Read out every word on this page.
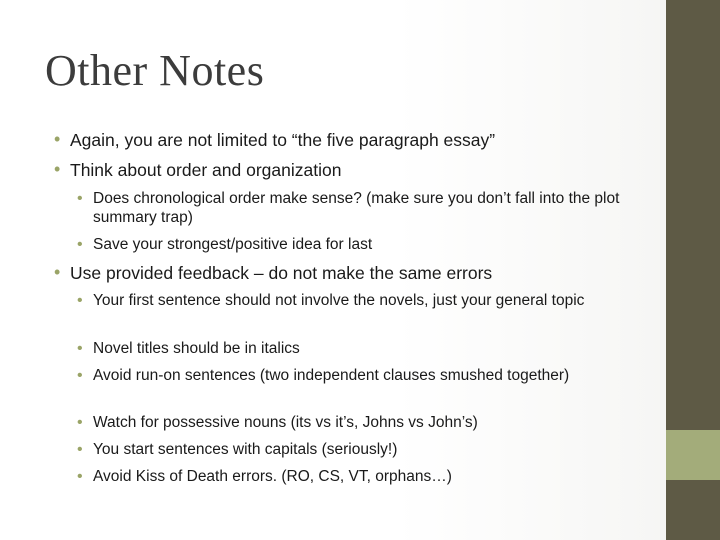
Other Notes

• Again, you are not limited to “the five paragraph essay”

• Think about order and organization

• Does chronological order make sense? (make sure you don’t fall into the plot summary trap)

• Save your strongest/positive idea for last

• Use provided feedback – do not make the same errors

• Your first sentence should not involve the novels, just your general topic

• Novel titles should be in italics

• Avoid run-on sentences (two independent clauses smushed together)

• Watch for possessive nouns (its vs it’s, Johns vs John’s)

• You start sentences with capitals (seriously!)

• Avoid Kiss of Death errors. (RO, CS, VT, orphans…)
